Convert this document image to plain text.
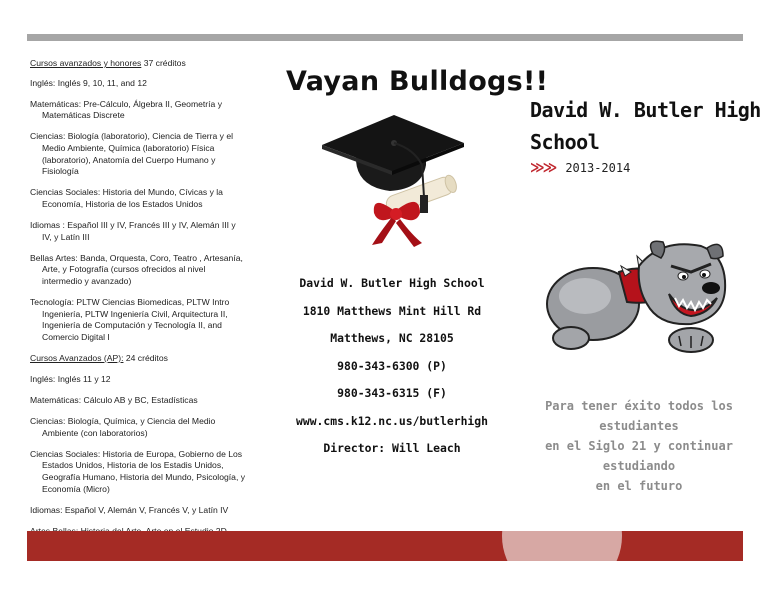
Cursos avanzados y honores 37 créditos

Inglés: Inglés 9, 10, 11, and 12

Matemáticas: Pre-Cálculo, Álgebra II, Geometría y Matemáticas Discrete

Ciencias: Biología (laboratorio), Ciencia de Tierra y el Medio Ambiente, Química (laboratorio) Física (laboratorio), Anatomía del Cuerpo Humano y Fisiología

Ciencias Sociales: Historia del Mundo, Cívicas y la Economía, Historia de los Estados Unidos

Idiomas : Español III y IV, Francés III y IV, Alemán III y IV, y Latín III

Bellas Artes: Banda, Orquesta, Coro, Teatro , Artesanía, Arte, y Fotografía (cursos ofrecidos al nivel intermedio y avanzado)

Tecnología: PLTW Ciencias Biomedicas, PLTW Intro Ingeniería, PLTW Ingeniería Civil, Arquitectura II, Ingeniería de Computación y Tecnología II, and Comercio Digital I

Cursos Avanzados (AP): 24 créditos

Inglés: Inglés 11 y 12

Matemáticas: Cálculo AB y BC, Estadísticas

Ciencias: Biología, Química, y Ciencia del Medio Ambiente (con laboratorios)

Ciencias Sociales: Historia de Europa, Gobierno de Los Estados Unidos, Historia de los Estadis Unidos, Geografía Humano, Historia del Mundo, Psicología, y Economía (Micro)

Idiomas: Español V, Alemán V, Francés V, y Latín IV

Vayan Bulldogs!!
David W. Butler High School
1810 Matthews Mint Hill Rd
Matthews, NC 28105
980-343-6300 (P)
980-343-6315 (F)
www.cms.k12.nc.us/butlerhigh
Director: Will Leach
David W. Butler High
School
≫≫ 2013-2014
Para tener éxito todos los estudiantes
en el Siglo 21 y continuar estudiando
en el futuro
